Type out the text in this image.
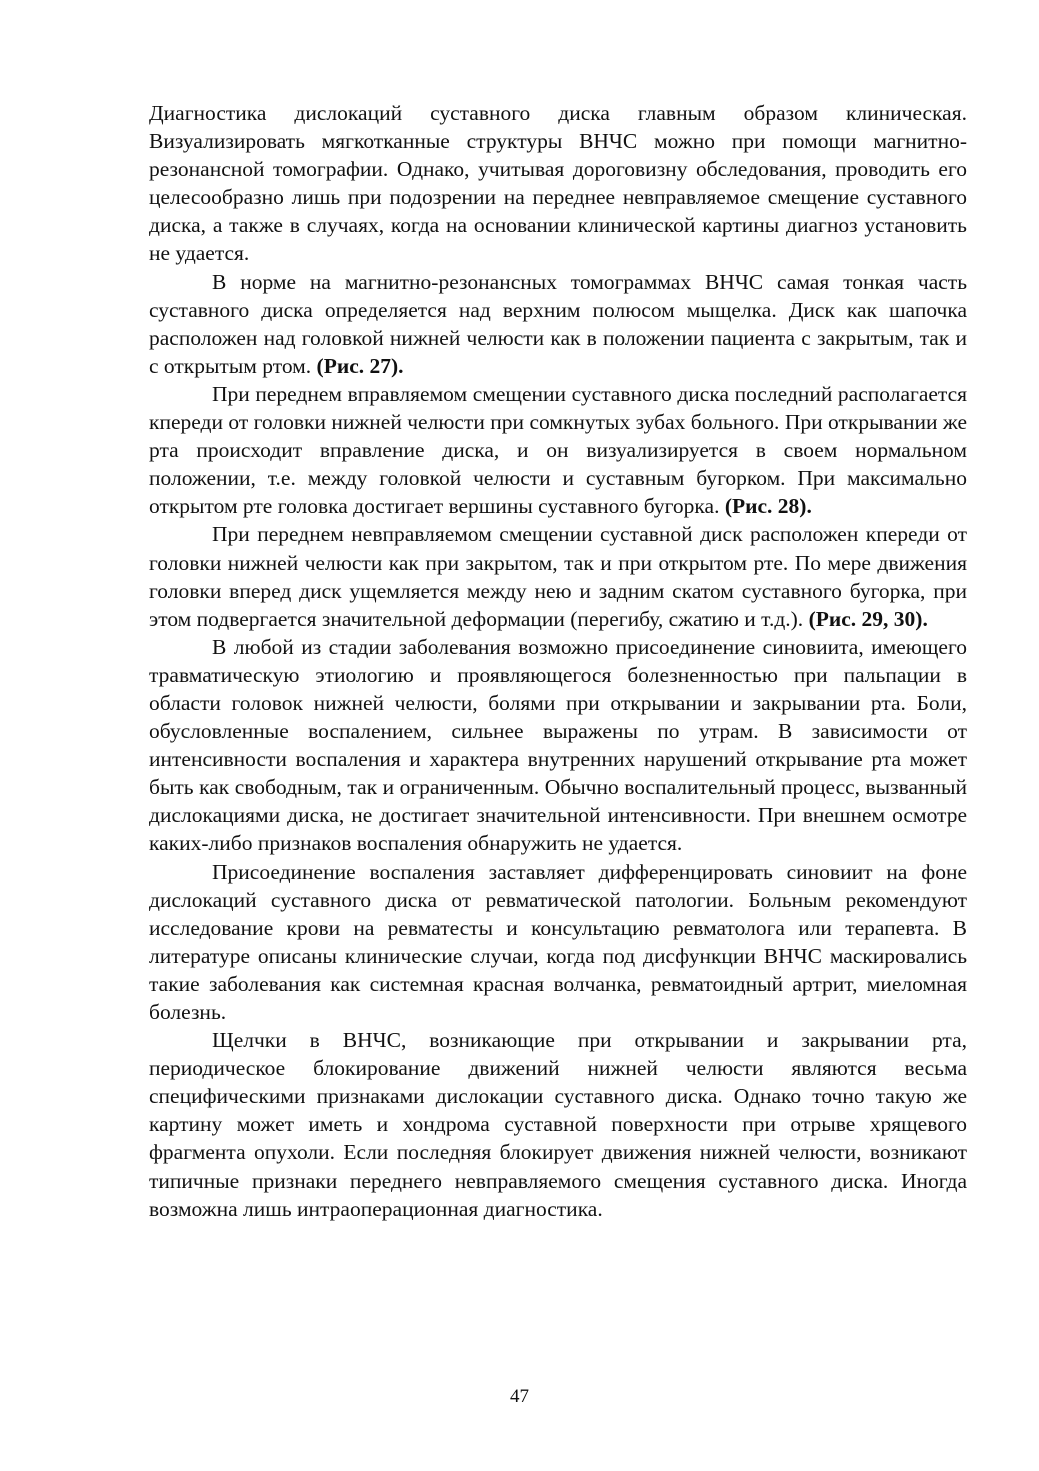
Диагностика дислокаций суставного диска главным образом клиническая. Визуализировать мягкотканные структуры ВНЧС можно при помощи магнитно-резонансной томографии. Однако, учитывая дороговизну обследования, проводить его целесообразно лишь при подозрении на переднее невправляемое смещение суставного диска, а также в случаях, когда на основании клинической картины диагноз установить не удается.

В норме на магнитно-резонансных томограммах ВНЧС самая тонкая часть суставного диска определяется над верхним полюсом мыщелка. Диск как шапочка расположен над головкой нижней челюсти как в положении пациента с закрытым, так и с открытым ртом. (Рис. 27).

При переднем вправляемом смещении суставного диска последний располагается кпереди от головки нижней челюсти при сомкнутых зубах больного. При открывании же рта происходит вправление диска, и он визуализируется в своем нормальном положении, т.е. между головкой челюсти и суставным бугорком. При максимально открытом рте головка достигает вершины суставного бугорка. (Рис. 28).

При переднем невправляемом смещении суставной диск расположен кпереди от головки нижней челюсти как при закрытом, так и при открытом рте. По мере движения головки вперед диск ущемляется между нею и задним скатом суставного бугорка, при этом подвергается значительной деформации (перегибу, сжатию и т.д.). (Рис. 29, 30).

В любой из стадии заболевания возможно присоединение синовиита, имеющего травматическую этиологию и проявляющегося болезненностью при пальпации в области головок нижней челюсти, болями при открывании и закрывании рта. Боли, обусловленные воспалением, сильнее выражены по утрам. В зависимости от интенсивности воспаления и характера внутренних нарушений открывание рта может быть как свободным, так и ограниченным. Обычно воспалительный процесс, вызванный дислокациями диска, не достигает значительной интенсивности. При внешнем осмотре каких-либо признаков воспаления обнаружить не удается.

Присоединение воспаления заставляет дифференцировать синовиит на фоне дислокаций суставного диска от ревматической патологии. Больным рекомендуют исследование крови на ревматесты и консультацию ревматолога или терапевта. В литературе описаны клинические случаи, когда под дисфункции ВНЧС маскировались такие заболевания как системная красная волчанка, ревматоидный артрит, миеломная болезнь.

Щелчки в ВНЧС, возникающие при открывании и закрывании рта, периодическое блокирование движений нижней челюсти являются весьма специфическими признаками дислокации суставного диска. Однако точно такую же картину может иметь и хондрома суставной поверхности при отрыве хрящевого фрагмента опухоли. Если последняя блокирует движения нижней челюсти, возникают типичные признаки переднего невправляемого смещения суставного диска. Иногда возможна лишь интраоперационная диагностика.

47
